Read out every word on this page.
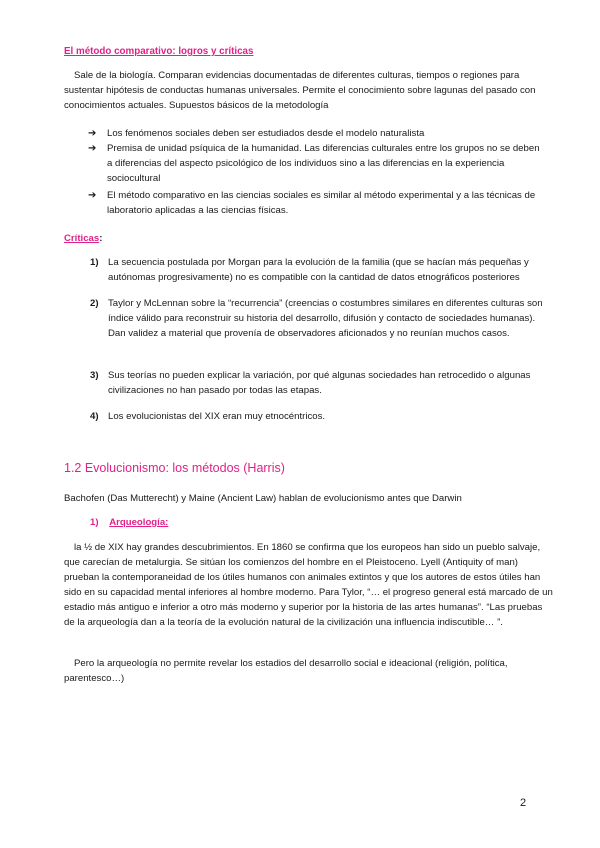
El método comparativo: logros y críticas
Sale de la biología. Comparan evidencias documentadas de diferentes culturas, tiempos o regiones para sustentar hipótesis de conductas humanas universales. Permite el conocimiento sobre lagunas del pasado con conocimientos actuales. Supuestos básicos de la metodología
➔	Los fenómenos sociales deben ser estudiados desde el modelo naturalista
➔	Premisa de unidad psíquica de la humanidad. Las diferencias culturales entre los grupos no se deben a diferencias del aspecto psicológico de los individuos sino a las diferencias en la experiencia sociocultural
➔	El método comparativo en las ciencias sociales es similar al método experimental y a las técnicas de laboratorio aplicadas a las ciencias físicas.
Críticas:
1) La secuencia postulada por Morgan para la evolución de la familia (que se hacían más pequeñas y autónomas progresivamente) no es compatible con la cantidad de datos etnográficos posteriores
2) Taylor y McLennan sobre la “recurrencia” (creencias o costumbres similares en diferentes culturas son índice válido para reconstruir su historia del desarrollo, difusión y contacto de sociedades humanas). Dan validez a material que provenía de observadores aficionados y no reunían muchos casos.
3) Sus teorías no pueden explicar la variación, por qué algunas sociedades han retrocedido o algunas civilizaciones no han pasado por todas las etapas.
4) Los evolucionistas del XIX eran muy etnocéntricos.
1.2 Evolucionismo: los métodos (Harris)
Bachofen (Das Mutterecht) y Maine (Ancient Law) hablan de evolucionismo antes que Darwin
1) Arqueología:
la ½ de XIX hay grandes descubrimientos. En 1860 se confirma que los europeos han sido un pueblo salvaje, que carecían de metalurgia. Se sitúan los comienzos del hombre en el Pleistoceno. Lyell (Antiquity of man) prueban la contemporaneidad de los útiles humanos con animales extintos y que los autores de estos útiles han sido en su capacidad mental inferiores al hombre moderno. Para Tylor, “… el progreso general está marcado de un estadio más antiguo e inferior a otro más moderno y superior por la historia de las artes humanas”. “Las pruebas de la arqueología dan a la teoría de la evolución natural de la civilización una influencia indiscutible… ”.
Pero la arqueología no permite revelar los estadios del desarrollo social e ideacional (religión, política, parentesco…)
2
